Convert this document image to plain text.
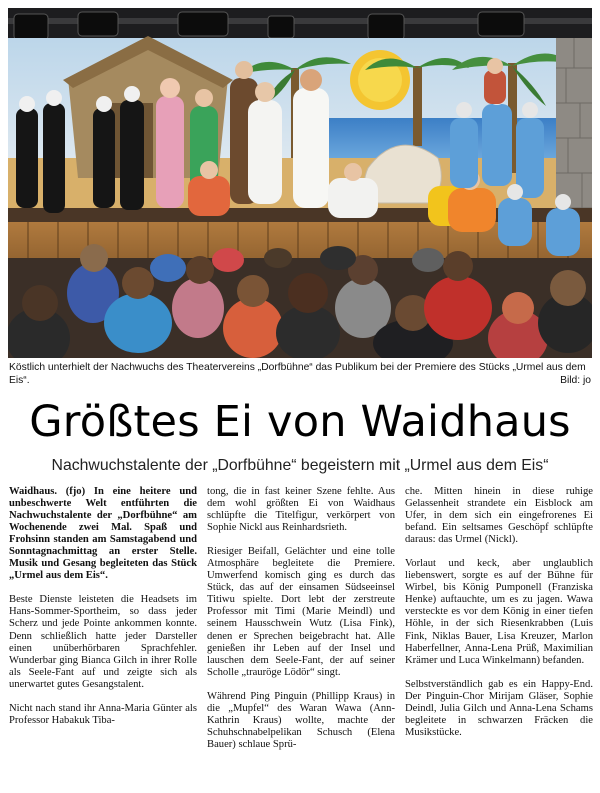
Köstlich unterhielt der Nachwuchs des Theatervereins „Dorfbühne“ das Publikum bei der Premiere des Stücks „Urmel aus dem Eis“.	Bild: jo
Größtes Ei von Waidhaus
Nachwuchstalente der „Dorfbühne“ begeistern mit „Urmel aus dem Eis“

Waidhaus. (fjo) In eine heitere und unbeschwerte Welt entführten die Nachwuchstalente der „Dorfbühne“ am Wochenende zwei Mal. Spaß und Frohsinn standen am Samstagabend und Sonntagnachmittag an erster Stelle. Musik und Gesang begleiteten das Stück „Urmel aus dem Eis“.

Beste Dienste leisteten die Headsets im Hans-Sommer-Sportheim, so dass jeder Scherz und jede Pointe ankommen konnte. Denn schließlich hatte jeder Darsteller einen unüberhörbaren Sprachfehler. Wunderbar ging Bianca Gilch in ihrer Rolle als Seele-Fant auf und zeigte sich als unerwartet gutes Gesangstalent.

Nicht nach stand ihr Anna-Maria Günter als Professor Habakuk Tiba-

tong, die in fast keiner Szene fehlte. Aus dem wohl größten Ei von Waidhaus schlüpfte die Titelfigur, verkörpert von Sophie Nickl aus Reinhardsrieth.

Riesiger Beifall, Gelächter und eine tolle Atmosphäre begleitete die Premiere. Umwerfend komisch ging es durch das Stück, das auf der einsamen Südseeinsel Titiwu spielte. Dort lebt der zerstreute Professor mit Timi (Marie Meindl) und seinem Hausschwein Wutz (Lisa Fink), denen er Sprechen beigebracht hat. Alle genießen ihr Leben auf der Insel und lauschen dem Seele-Fant, der auf seiner Scholle „trauröge Lödör“ singt.

Während Ping Pinguin (Phillipp Kraus) in die „Mupfel“ des Waran Wawa (Ann-Kathrin Kraus) wollte, machte der Schuhschnabelpelikan Schusch (Elena Bauer) schlaue Sprü-

che. Mitten hinein in diese ruhige Gelassenheit strandete ein Eisblock am Ufer, in dem sich ein eingefrorenes Ei befand. Ein seltsames Geschöpf schlüpfte daraus: das Urmel (Nickl).

Vorlaut und keck, aber unglaublich liebenswert, sorgte es auf der Bühne für Wirbel, bis König Pumponell (Franziska Henke) auftauchte, um es zu jagen. Wawa versteckte es vor dem König in einer tiefen Höhle, in der sich Riesenkrabben (Luis Fink, Niklas Bauer, Lisa Kreuzer, Marlon Haberfellner, Anna-Lena Prüß, Maximilian Krämer und Luca Winkelmann) befanden.

Selbstverständlich gab es ein Happy-End. Der Pinguin-Chor Mirijam Gläser, Sophie Deindl, Julia Gilch und Anna-Lena Schams begleitete in schwarzen Fräcken die Musikstücke.
